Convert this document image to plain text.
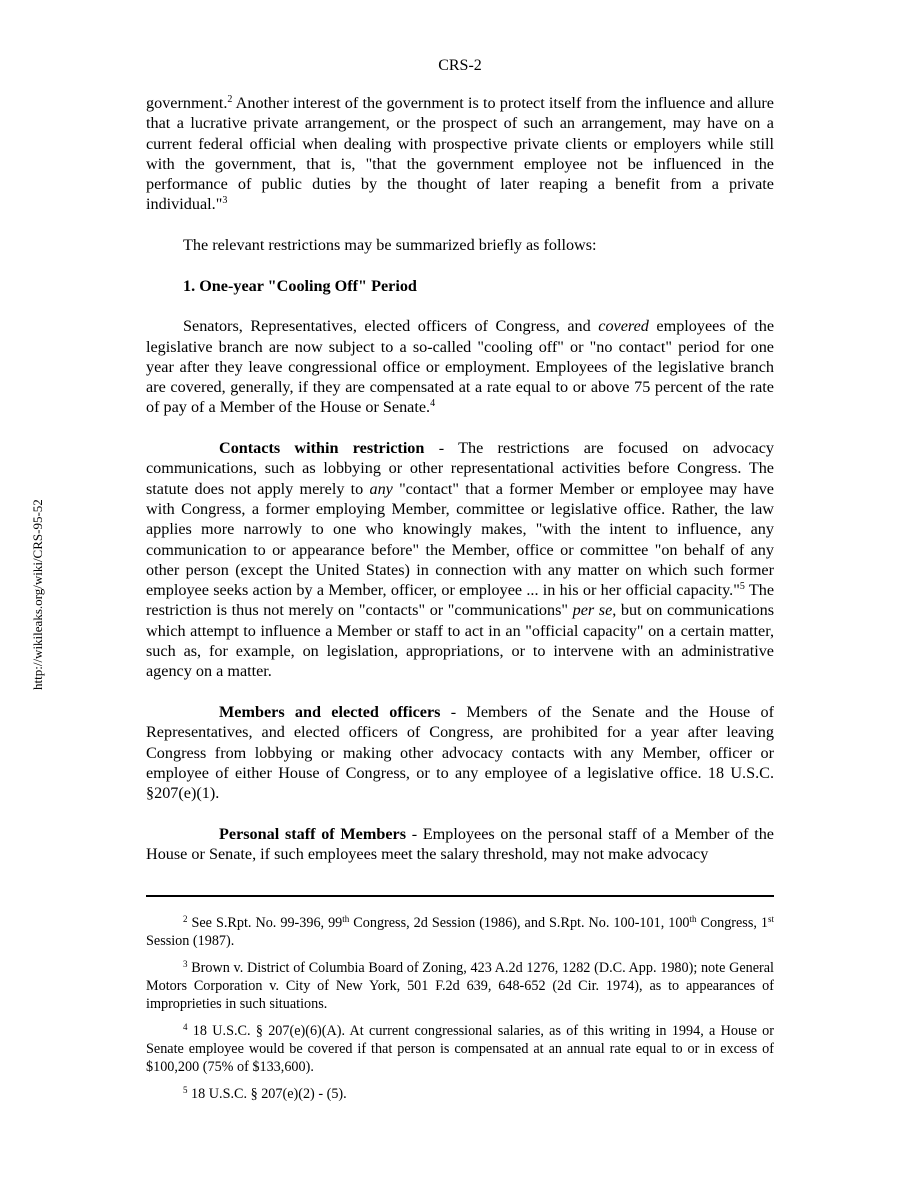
CRS-2
http://wikileaks.org/wiki/CRS-95-52

government.$^2$ Another interest of the government is to protect itself from the influence and allure that a lucrative private arrangement, or the prospect of such an arrangement, may have on a current federal official when dealing with prospective private clients or employers while still with the government, that is, "that the government employee not be influenced in the performance of public duties by the thought of later reaping a benefit from a private individual."$^3$

The relevant restrictions may be summarized briefly as follows:

1. One-year "Cooling Off" Period

Senators, Representatives, elected officers of Congress, and covered employees of the legislative branch are now subject to a so-called "cooling off" or "no contact" period for one year after they leave congressional office or employment. Employees of the legislative branch are covered, generally, if they are compensated at a rate equal to or above 75 percent of the rate of pay of a Member of the House or Senate.$^4$

Contacts within restriction - The restrictions are focused on advocacy communications, such as lobbying or other representational activities before Congress. The statute does not apply merely to any "contact" that a former Member or employee may have with Congress, a former employing Member, committee or legislative office. Rather, the law applies more narrowly to one who knowingly makes, "with the intent to influence, any communication to or appearance before" the Member, office or committee "on behalf of any other person (except the United States) in connection with any matter on which such former employee seeks action by a Member, officer, or employee ... in his or her official capacity."$^5$ The restriction is thus not merely on "contacts" or "communications" per se, but on communications which attempt to influence a Member or staff to act in an "official capacity" on a certain matter, such as, for example, on legislation, appropriations, or to intervene with an administrative agency on a matter.

Members and elected officers - Members of the Senate and the House of Representatives, and elected officers of Congress, are prohibited for a year after leaving Congress from lobbying or making other advocacy contacts with any Member, officer or employee of either House of Congress, or to any employee of a legislative office. 18 U.S.C. §207(e)(1).

Personal staff of Members - Employees on the personal staff of a Member of the House or Senate, if such employees meet the salary threshold, may not make advocacy

$^2$ See S.Rpt. No. 99-396, 99th Congress, 2d Session (1986), and S.Rpt. No. 100-101, 100th Congress, 1st Session (1987).

$^3$ Brown v. District of Columbia Board of Zoning, 423 A.2d 1276, 1282 (D.C. App. 1980); note General Motors Corporation v. City of New York, 501 F.2d 639, 648-652 (2d Cir. 1974), as to appearances of improprieties in such situations.

$^4$ 18 U.S.C. § 207(e)(6)(A). At current congressional salaries, as of this writing in 1994, a House or Senate employee would be covered if that person is compensated at an annual rate equal to or in excess of $100,200 (75% of $133,600).

$^5$ 18 U.S.C. § 207(e)(2) - (5).
